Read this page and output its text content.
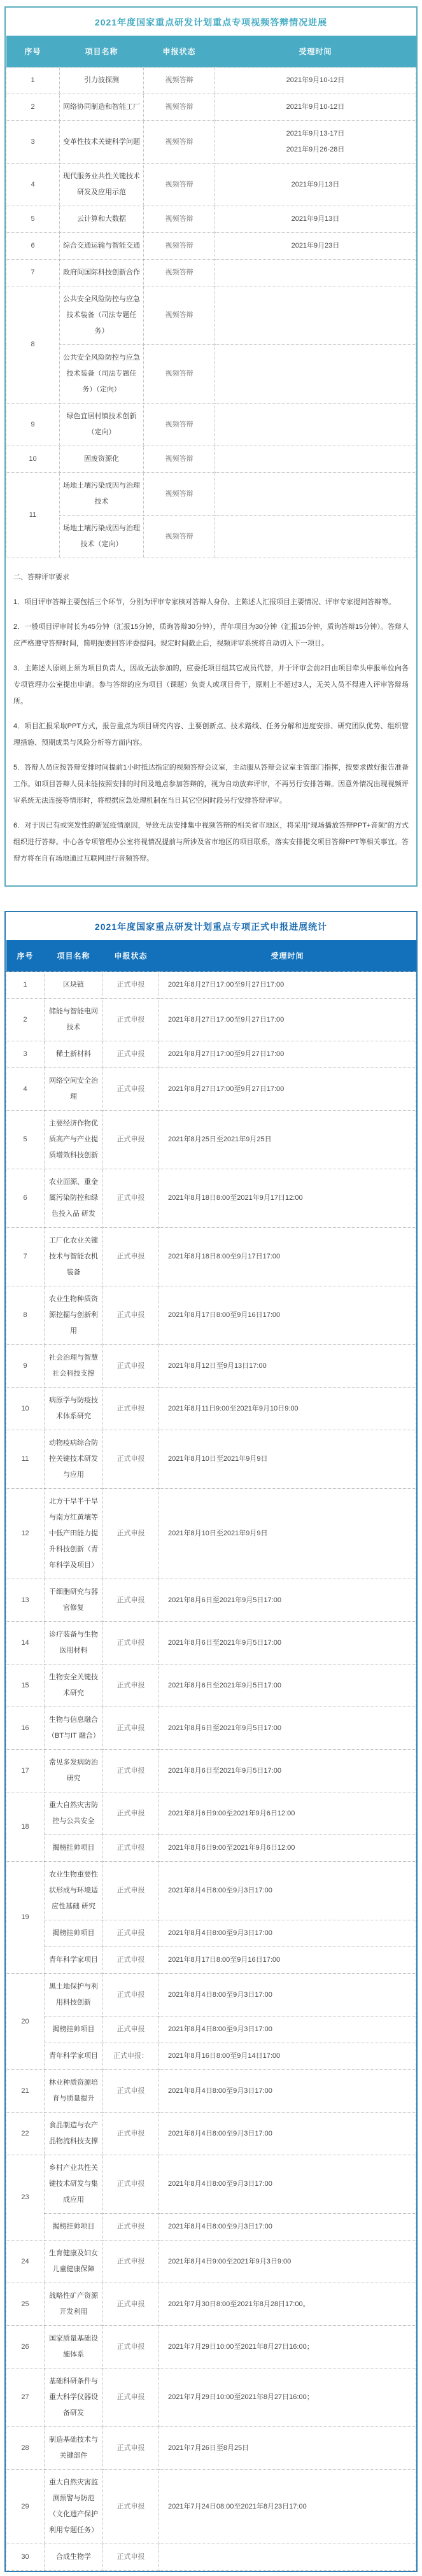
2021年度国家重点研发计划重点专项视频答辩情况进展
序号	项目名称	申报状态	受理时间
1	引力波探测	视频答辩	2021年9月10-12日

2	网络协同制造和智能工厂	视频答辩	2021年9月10-12日

3	变革性技术关键科学问题	视频答辩	2021年9月13-17日
2021年9月26-28日

4	现代服务业共性关键技术研发及应用示范	视频答辩	2021年9月13日

5	云计算和大数据	视频答辩	2021年9月13日

6	综合交通运输与智能交通	视频答辩	2021年9月23日

7	政府间国际科技创新合作	视频答辩	

8	公共安全风险防控与应急技术装备（司法专题任务）	视频答辩	

	公共安全风险防控与应急技术装备（司法专题任务）（定向）	视频答辩	

9	绿色宜居村镇技术创新（定向）	视频答辩	

10	固废资源化	视频答辩	

11	场地土壤污染成因与治理技术	视频答辩	

	场地土壤污染成因与治理技术（定向）	视频答辩	

二、答辩评审要求

1．项目评审答辩主要包括三个环节，分别为评审专家核对答辩人身份、主陈述人汇报项目主要情况、评审专家提问答辩等。

2．一般项目评审时长为45分钟（汇报15分钟，质询答辩30分钟），青年项目为30分钟（汇报15分钟，质询答辩15分钟）。答辩人应严格遵守答辩时间，简明扼要回答评委提问。规定时间截止后，视频评审系统将自动切入下一项目。

3．主陈述人原则上须为项目负责人，因故无法参加的，应委托项目组其它成员代替，并于评审会前2日由项目牵头申报单位向各专项管理办公室提出申请。参与答辩的应为项目（课题）负责人或项目骨干，原则上不超过3人，无关人员不得进入评审答辩场所。

4．项目汇报采取PPT方式，报告重点为项目研究内容、主要创新点、技术路线、任务分解和进度安排、研究团队优势、组织管理措施、预期成果与风险分析等方面内容。

5．答辩人员应按答辩安排时间提前1小时抵达指定的视频答辩会议室，主动服从答辩会议室主管部门指挥，按要求做好报告准备工作。如项目答辩人员未能按照安排的时间及地点参加答辩的，视为自动放弃评审，不再另行安排答辩。因意外情况出现视频评审系统无法连接等情形时，将根据应急处理机制在当日其它空闲时段另行安排答辩评审。

6．对于因已有或突发性的新冠疫情原因，导致无法安排集中视频答辩的相关省市地区，将采用“现场播放答辩PPT+音频”的方式组织进行答辩。中心各专项管理办公室将视情况提前与所涉及省市地区的项目联系，落实安排提交项目答辩PPT等相关事宜。答辩方将在自有场地通过互联网进行音频答辩。

2021年度国家重点研发计划重点专项正式申报进展统计
序号	项目名称	申报状态	受理时间
1	区块链	正式申报	2021年8月27日17:00至9月27日17:00

2	储能与智能电网技术	正式申报	2021年8月27日17:00至9月27日17:00

3	稀土新材料	正式申报	2021年8月27日17:00至9月27日17:00

4	网络空间安全治理	正式申报	2021年8月27日17:00至9月27日17:00

5	主要经济作物优质高产与产业提质增效科技创新	正式申报	2021年8月25日至2021年9月25日

6	农业面源、重金属污染防控和绿色投入品 研发	正式申报	2021年8月18日8:00至2021年9月17日12:00

7	工厂化农业关键技术与智能农机装备	正式申报	2021年8月18日8:00至9月17日17:00

8	农业生物种质资源挖掘与创新利用	正式申报	2021年8月17日8:00至9月16日17:00

9	社会治理与智慧社会科技支撑	正式申报	2021年8月12日至9月13日17:00

10	病原学与防疫技术体系研究	正式申报	2021年8月11日9:00至2021年9月10日9:00

11	动物疫病综合防控关键技术研发与应用	正式申报	2021年8月10日至2021年9月9日

12	北方干旱半干旱与南方红黄壤等中低产田能力提升科技创新（青年科学及项目）	正式申报	2021年8月10日至2021年9月9日

13	干细胞研究与器官修复	正式申报	2021年8月6日至2021年9月5日17:00

14	诊疗装备与生物医用材料	正式申报	2021年8月6日至2021年9月5日17:00

15	生物安全关键技术研究	正式申报	2021年8月6日至2021年9月5日17:00

16	生物与信息融合（BT与IT 融合）	正式申报	2021年8月6日至2021年9月5日17:00

17	常见多发病防治研究	正式申报	2021年8月6日至2021年9月5日17:00

18	重大自然灾害防控与公共安全	正式申报	2021年8月6日9:00至2021年9月6日12:00

	揭榜挂帅项目	正式申报	2021年8月6日9:00至2021年9月6日12:00

19	农业生物重要性状形成与环境适应性基础 研究	正式申报	2021年8月4日8:00至9月3日17:00

	揭榜挂帅项目	正式申报	2021年8月4日8:00至9月3日17:00

	青年科学家项目	正式申报	2021年8月17日8:00至9月16日17:00

20	黑土地保护与利用科技创新	正式申报	2021年8月4日8:00至9月3日17:00

	揭榜挂帅项目	正式申报	2021年8月4日8:00至9月3日17:00

	青年科学家项目	正式申报：	2021年8月16日8:00至9月14日17:00

21	林业种质资源培育与质量提升	正式申报	2021年8月4日8:00至9月3日17:00

22	食品制造与农产品物流科技支撑	正式申报	2021年8月4日8:00至9月3日17:00

23	乡村产业共性关键技术研发与集成应用	正式申报	2021年8月4日8:00至9月3日17:00

	揭榜挂帅项目	正式申报	2021年8月4日8:00至9月3日17:00

24	生育健康及妇女儿童健康保障	正式申报	2021年8月4日9:00至2021年9月3日9:00

25	战略性矿产资源开发利用	正式申报	2021年7月30日8:00至2021年8月28日17:00。

26	国家质量基础设施体系	正式申报	2021年7月29日10:00至2021年8月27日16:00；

27	基础科研条件与重大科学仪器设备研发	正式申报	2021年7月29日10:00至2021年8月27日16:00；

28	制造基础技术与关键部件	正式申报	2021年7月26日至8月25日

29	重大自然灾害监测预警与防范（文化遗产保护利用专题任务）	正式申报	2021年7月24日08:00至2021年8月23日17:00

30	合成生物学	正式申报	
